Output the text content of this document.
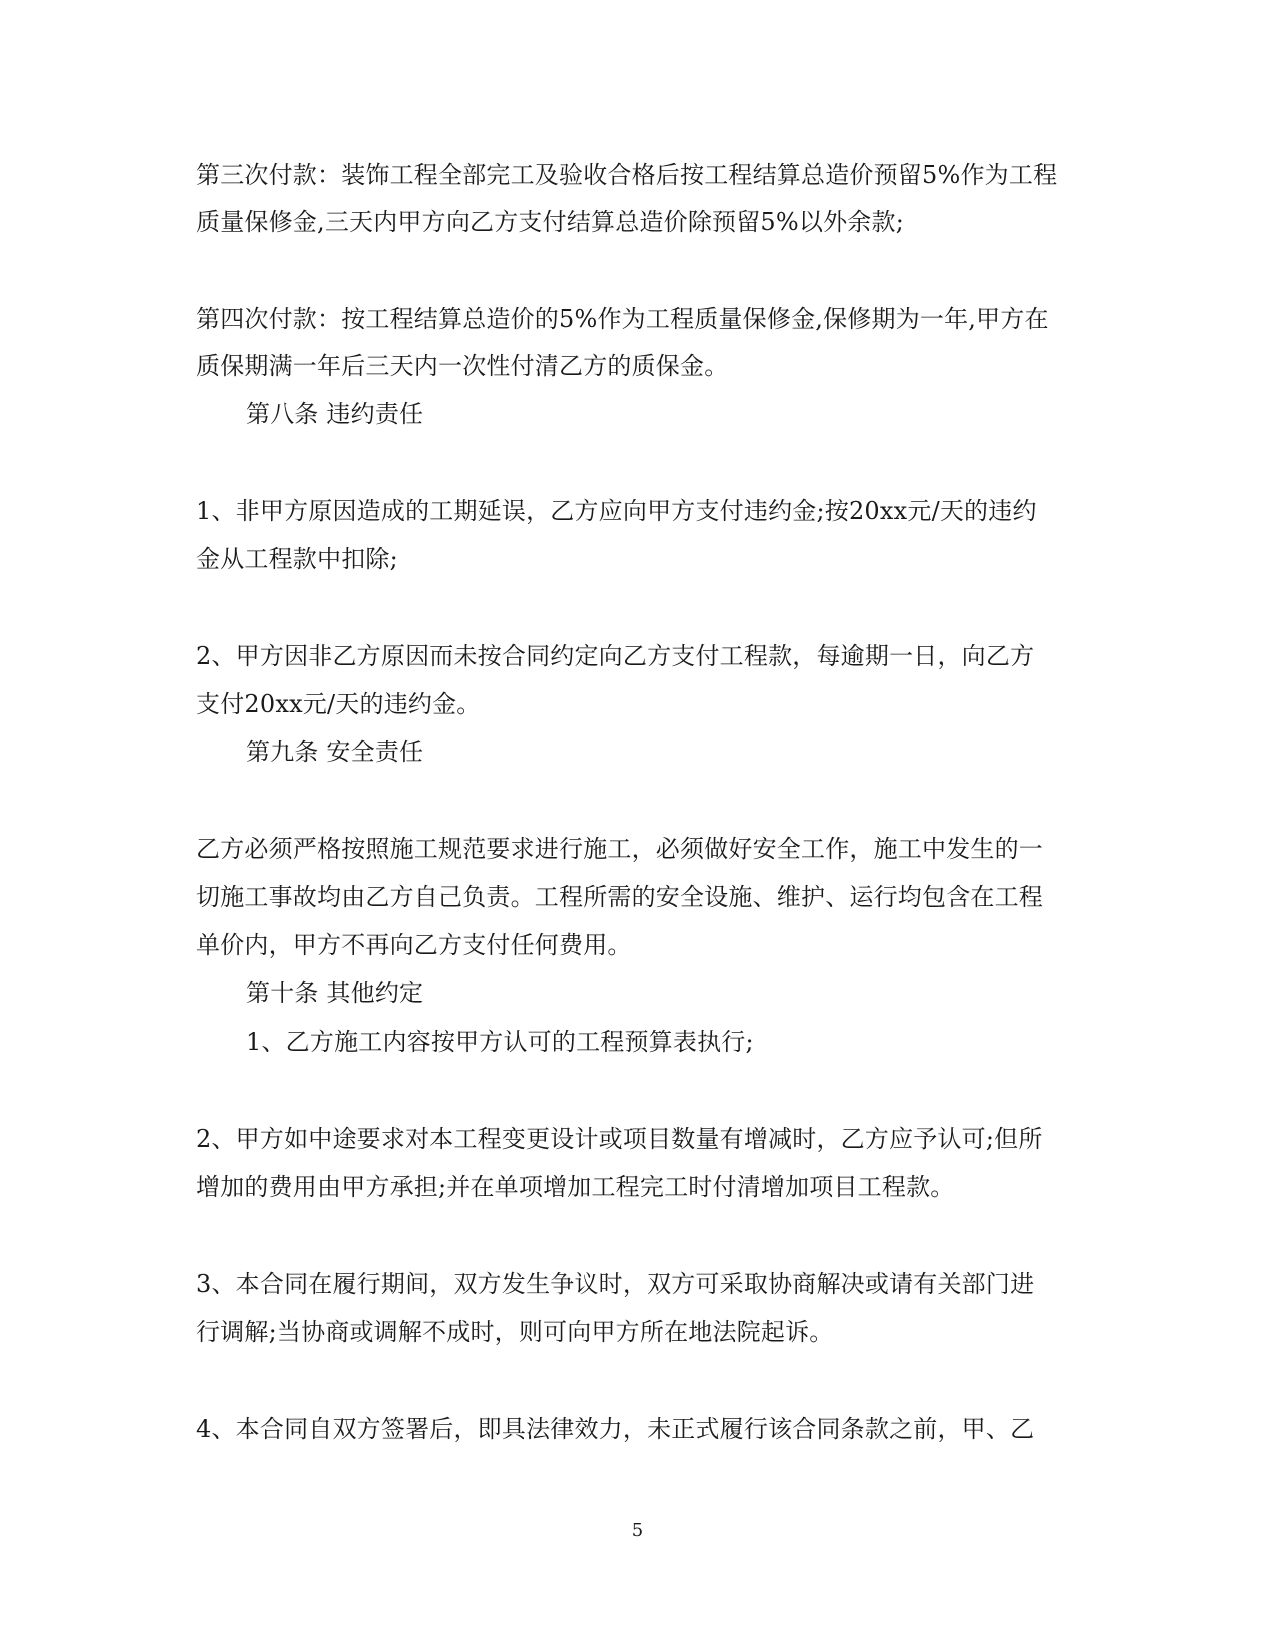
第三次付款：装饰工程全部完工及验收合格后按工程结算总造价预留5%作为工程
质量保修金,三天内甲方向乙方支付结算总造价除预留5%以外余款;
第四次付款：按工程结算总造价的5%作为工程质量保修金,保修期为一年,甲方在
质保期满一年后三天内一次性付清乙方的质保金。
第八条 违约责任
1、非甲方原因造成的工期延误，乙方应向甲方支付违约金;按20xx元/天的违约
金从工程款中扣除;
2、甲方因非乙方原因而未按合同约定向乙方支付工程款，每逾期一日，向乙方
支付20xx元/天的违约金。
第九条 安全责任
乙方必须严格按照施工规范要求进行施工，必须做好安全工作，施工中发生的一
切施工事故均由乙方自己负责。工程所需的安全设施、维护、运行均包含在工程
单价内，甲方不再向乙方支付任何费用。
第十条 其他约定
1、乙方施工内容按甲方认可的工程预算表执行;
2、甲方如中途要求对本工程变更设计或项目数量有增减时，乙方应予认可;但所
增加的费用由甲方承担;并在单项增加工程完工时付清增加项目工程款。
3、本合同在履行期间，双方发生争议时，双方可采取协商解决或请有关部门进
行调解;当协商或调解不成时，则可向甲方所在地法院起诉。
4、本合同自双方签署后，即具法律效力，未正式履行该合同条款之前，甲、乙
5
